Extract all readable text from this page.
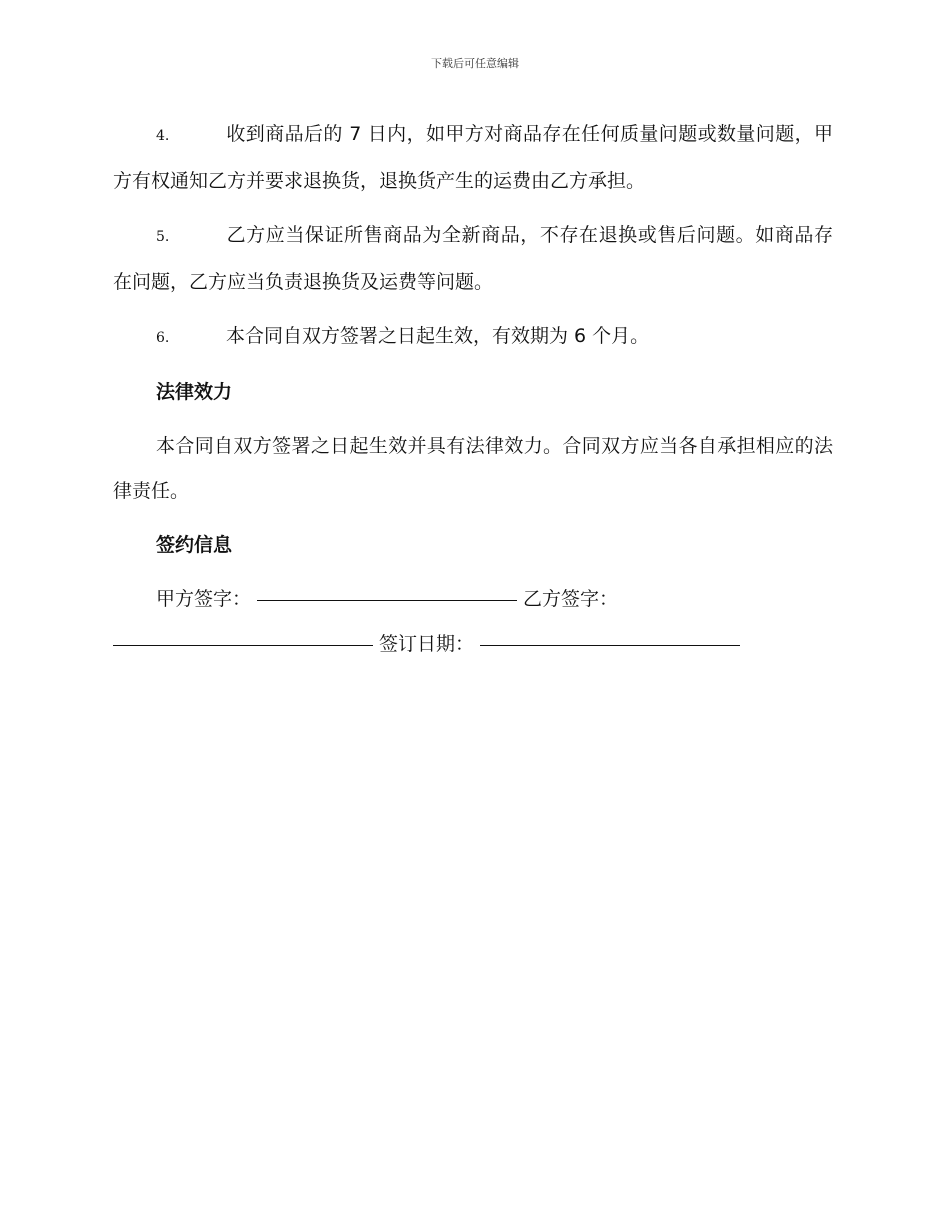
下载后可任意编辑

4.	收到商品后的 7 日内，如甲方对商品存在任何质量问题或数量问题，甲方有权通知乙方并要求退换货，退换货产生的运费由乙方承担。

5.	乙方应当保证所售商品为全新商品，不存在退换或售后问题。如商品存在问题，乙方应当负责退换货及运费等问题。

6.	本合同自双方签署之日起生效，有效期为 6 个月。

法律效力

本合同自双方签署之日起生效并具有法律效力。合同双方应当各自承担相应的法律责任。

签约信息

甲方签字：	乙方签字：

签订日期：
